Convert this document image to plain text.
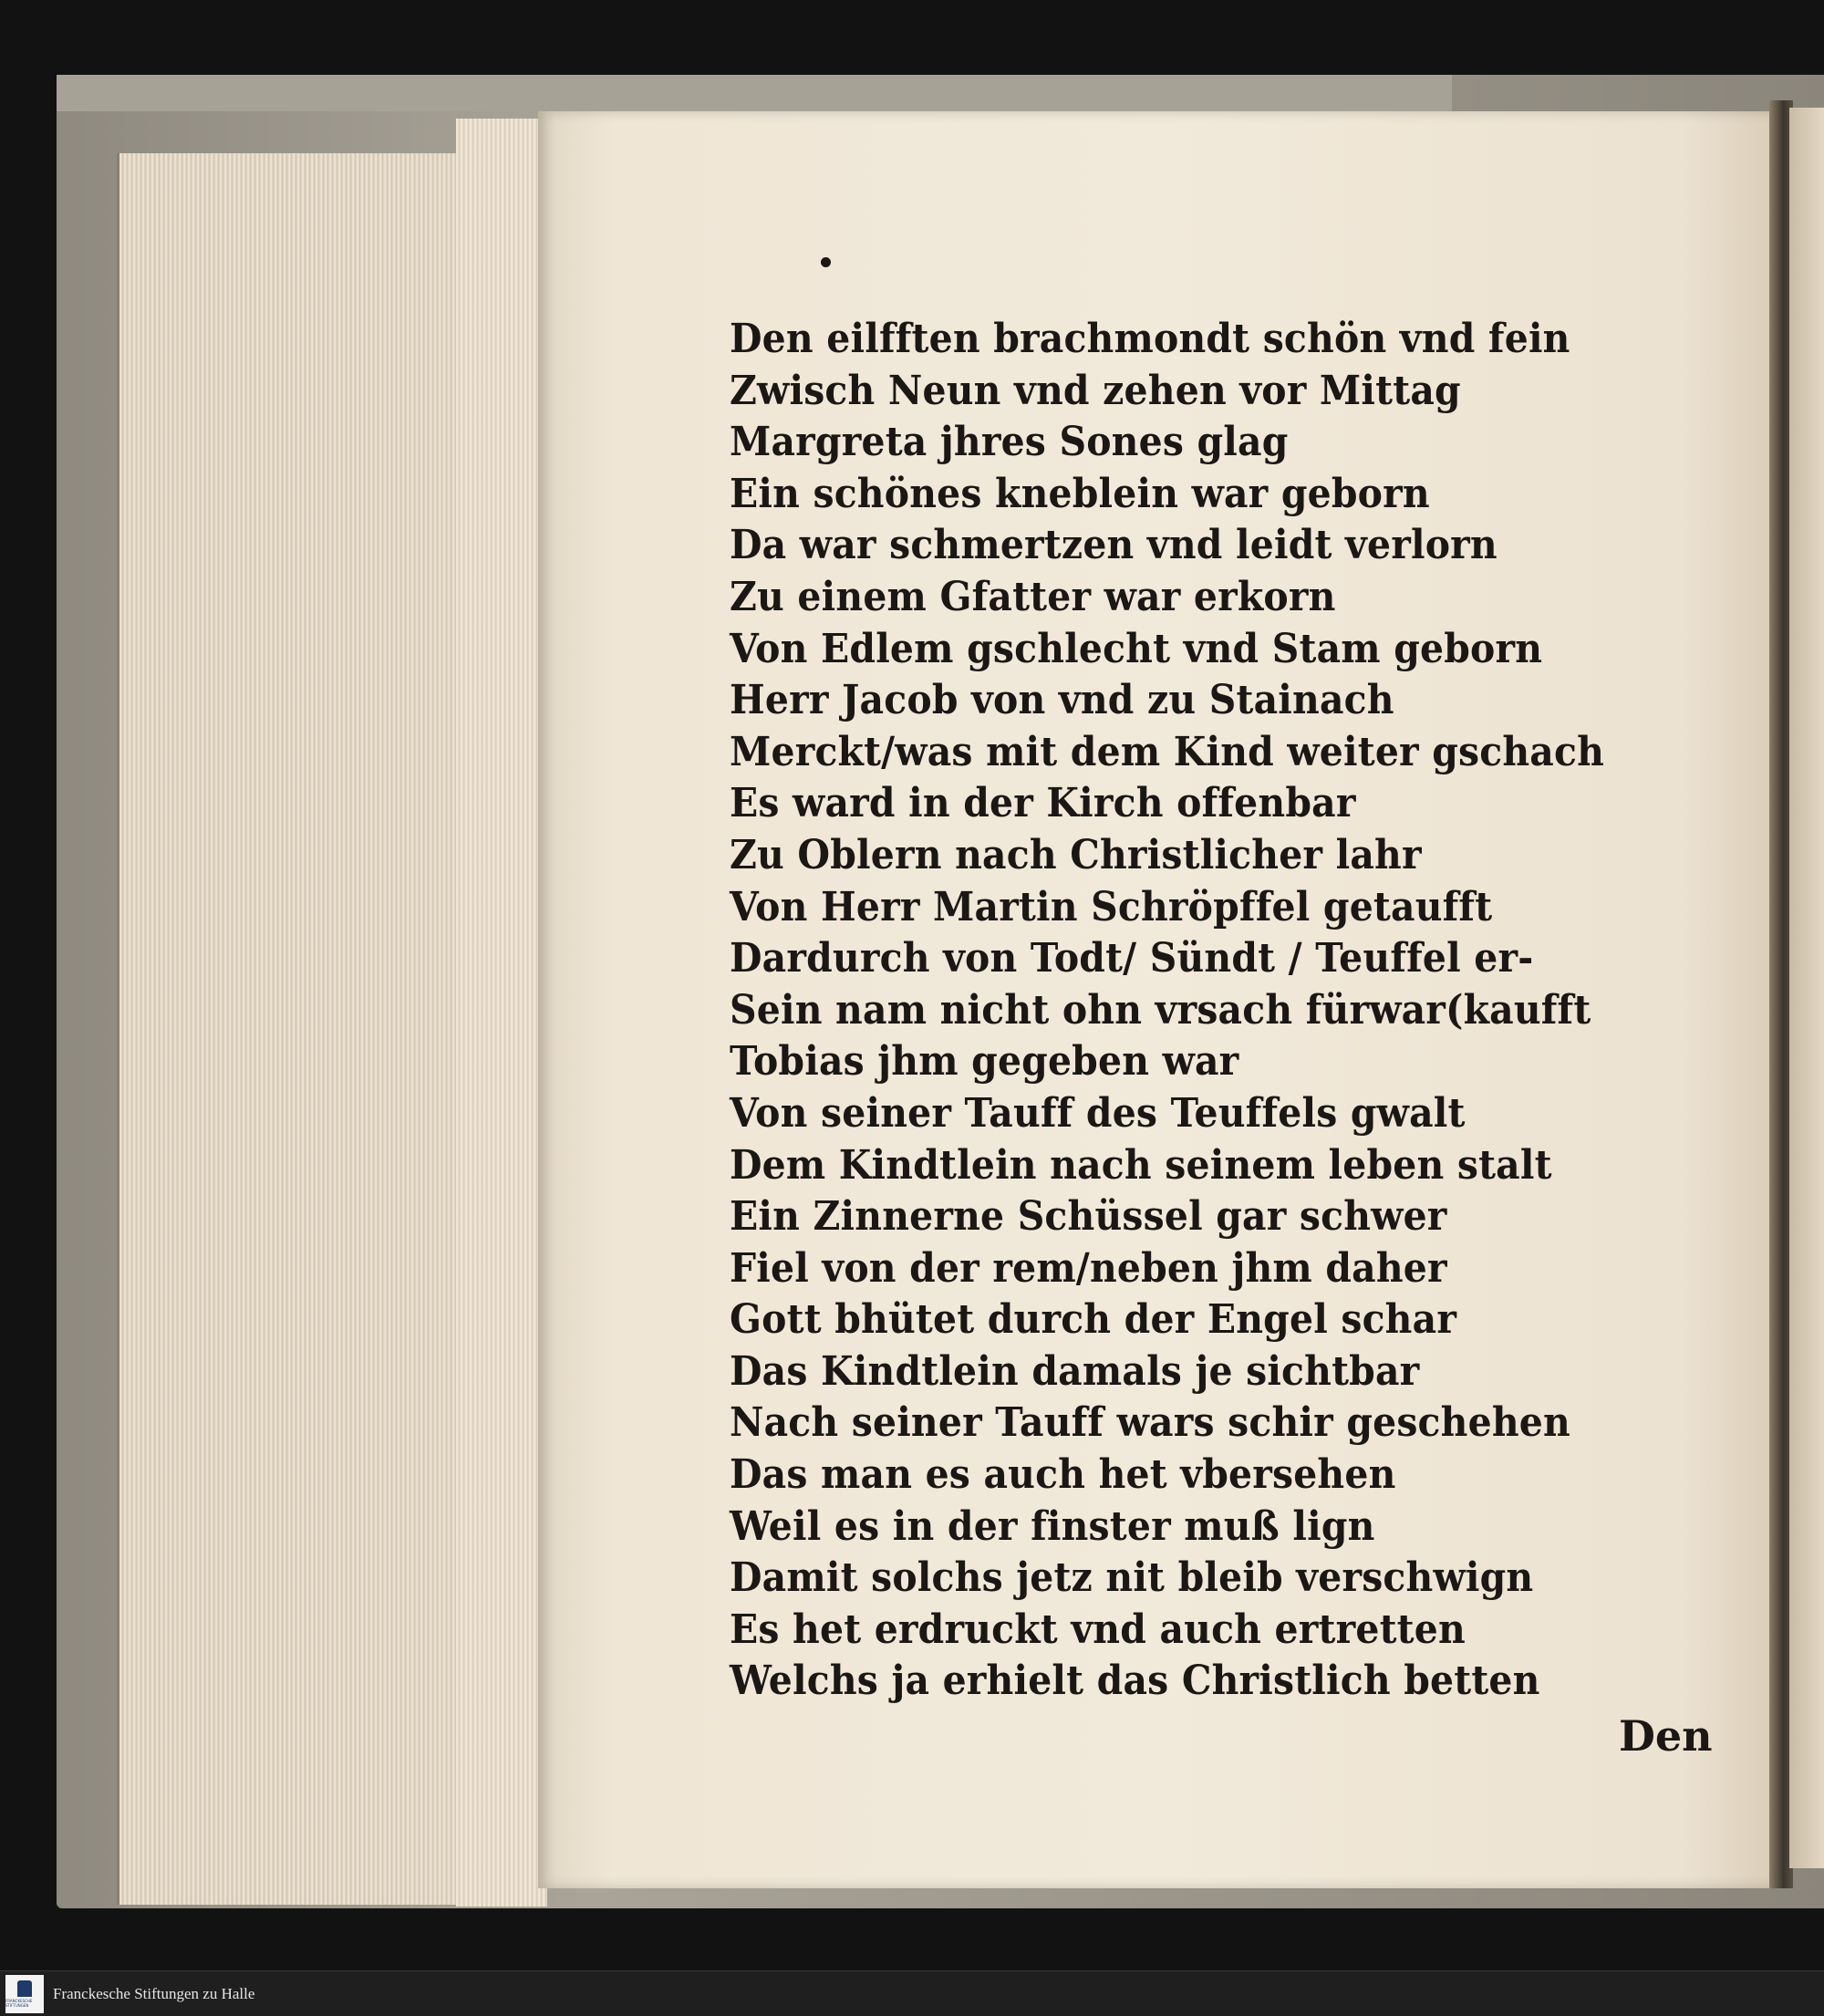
Den eilfften brachmondt schön vnd fein
Zwisch Neun vnd zehen vor Mittag
Margreta jhres Sones glag
Ein schönes kneblein war geborn
Da war schmertzen vnd leidt verlorn
Zu einem Gfatter war erkorn
Von Edlem gschlecht vnd Stam geborn
Herr Jacob von vnd zu Stainach
Merckt/was mit dem Kind weiter gschach
Es ward in der Kirch offenbar
Zu Oblern nach Christlicher lahr
Von Herr Martin Schröpffel getaufft
Dardurch von Todt/ Sündt / Teuffel er-
Sein nam nicht ohn vrsach fürwar(kaufft
Tobias jhm gegeben war
Von seiner Tauff des Teuffels gwalt
Dem Kindtlein nach seinem leben stalt
Ein Zinnerne Schüssel gar schwer
Fiel von der rem/neben jhm daher
Gott bhütet durch der Engel schar
Das Kindtlein damals je sichtbar
Nach seiner Tauff wars schir geschehen
Das man es auch het vbersehen
Weil es in der finster muß lign
Damit solchs jetz nit bleib verschwign
Es het erdruckt vnd auch ertretten
Welchs ja erhielt das Christlich betten
Den
FRANCKESCHE STIFTUNGEN
Franckesche Stiftungen zu Halle
